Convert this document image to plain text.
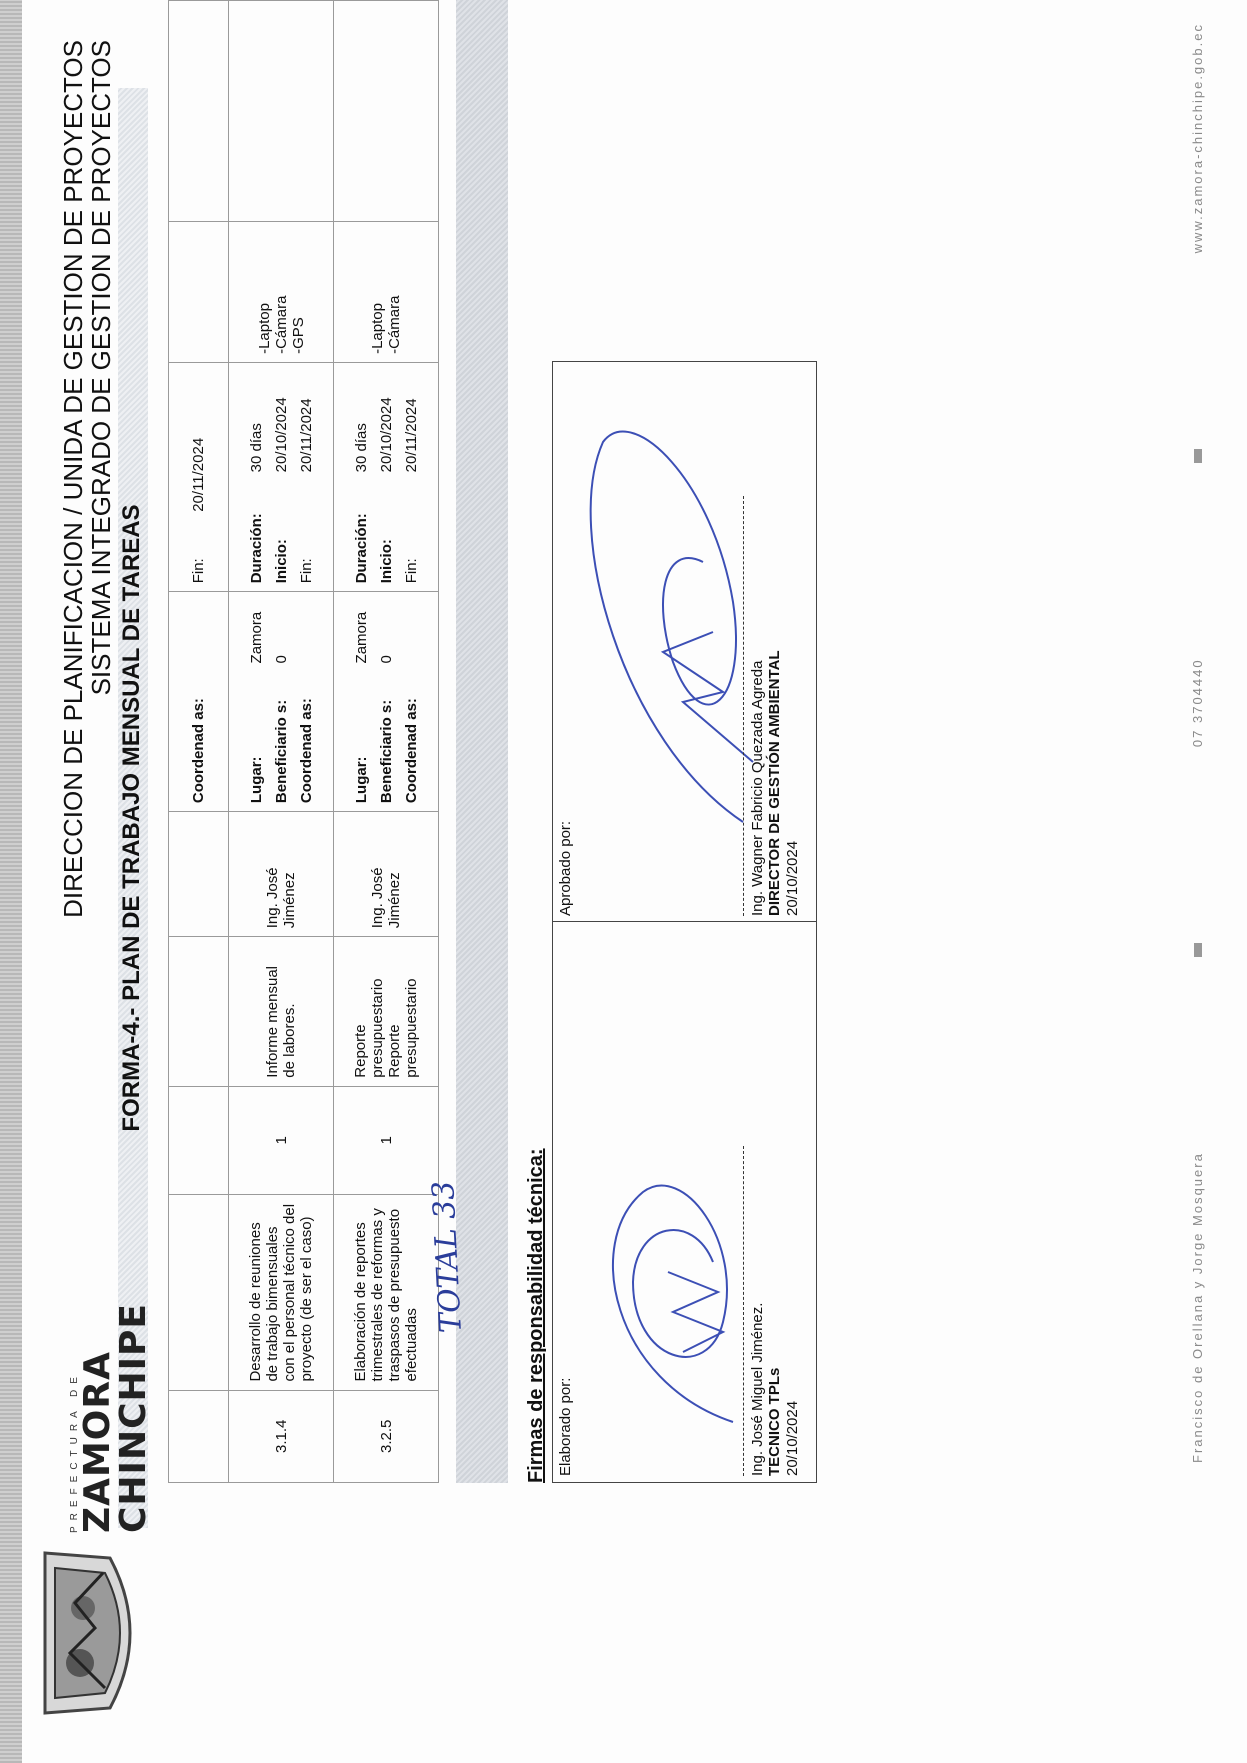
PREFECTURA DE
ZAMORA
CHINCHIPE
DIRECCION DE PLANIFICACION / UNIDA DE GESTION DE PROYECTOS
SISTEMA INTEGRADO DE GESTION DE PROYECTOS
FORMA-4.- PLAN DE TRABAJO MENSUAL DE TAREAS
						Coordenad as:

Fin:	20/11/2024

3.1.4	Desarrollo de reuniones de trabajo bimensuales con el personal técnico del proyecto (de ser el caso)	1	Informe mensual de labores.	Ing. José Jiménez	
Lugar:	Zamora
Beneficiario s:	0
Coordenad as:

Duración:	30 días
Inicio:	20/10/2024
Fin:	20/11/2024

-Laptop -Cámara -GPS

3.2.5	Elaboración de reportes trimestrales de reformas y traspasos de presupuesto efectuadas	1	Reporte presupuestario Reporte presupuestario	Ing. José Jiménez	
Lugar:	Zamora
Beneficiario s:	0
Coordenad as:

Duración:	30 días
Inicio:	20/10/2024
Fin:	20/11/2024

-Laptop -Cámara

TOTAL 33	Firmas de responsabilidad técnica: Elaborado por:
Aprobado por:
Ing. José Miguel Jiménez. TECNICO TPLs 20/10/2024
Ing. Wagner Fabricio Quezada Agreda DIRECTOR DE GESTIÓN AMBIENTAL 20/10/2024
Francisco de Orellana y Jorge Mosquera
07 3704440
www.zamora-chinchipe.gob.ec
